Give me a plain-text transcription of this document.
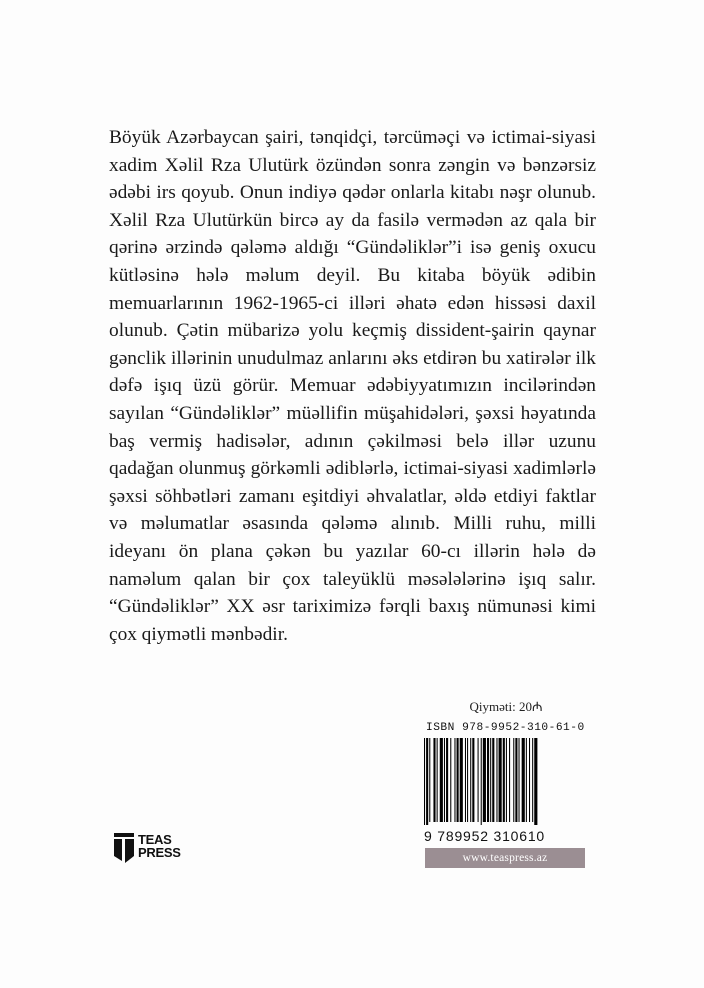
Böyük Azərbaycan şairi, tənqidçi, tərcüməçi və ictimai-siyasi xadim Xəlil Rza Ulutürk özündən sonra zəngin və bənzərsiz ədəbi irs qoyub. Onun indiyə qədər onlarla kitabı nəşr olunub. Xəlil Rza Ulutürkün bircə ay da fasilə vermədən az qala bir qərinə ərzində qələmə aldığı “Gündəliklər”i isə geniş oxucu kütləsinə hələ məlum deyil. Bu kitaba böyük ədibin memuarlarının 1962-1965-ci illəri əhatə edən hissəsi daxil olunub. Çətin mübarizə yolu keçmiş dissident-şairin qaynar gənclik illərinin unudulmaz anlarını əks etdirən bu xatirələr ilk dəfə işıq üzü görür. Memuar ədəbiyyatımızın incilərindən sayılan “Gündəliklər” müəllifin müşahidələri, şəxsi həyatında baş vermiş hadisələr, adının çəkilməsi belə illər uzunu qadağan olunmuş görkəmli ədiblərlə, ictimai-siyasi xadimlərlə şəxsi söhbətləri zamanı eşitdiyi əhvalatlar, əldə etdiyi faktlar və məlumatlar əsasında qələmə alınıb. Milli ruhu, milli ideyanı ön plana çəkən bu yazılar 60-cı illərin hələ də naməlum qalan bir çox taleyüklü məsələlərinə işıq salır. “Gündəliklər” XX əsr tariximizə fərqli baxış nümunəsi kimi çox qiymətli mənbədir.

Qiyməti: 20₼
ISBN 978-9952-310-61-0
9 789952 310610
www.teaspress.az
TEAS
PRESS
